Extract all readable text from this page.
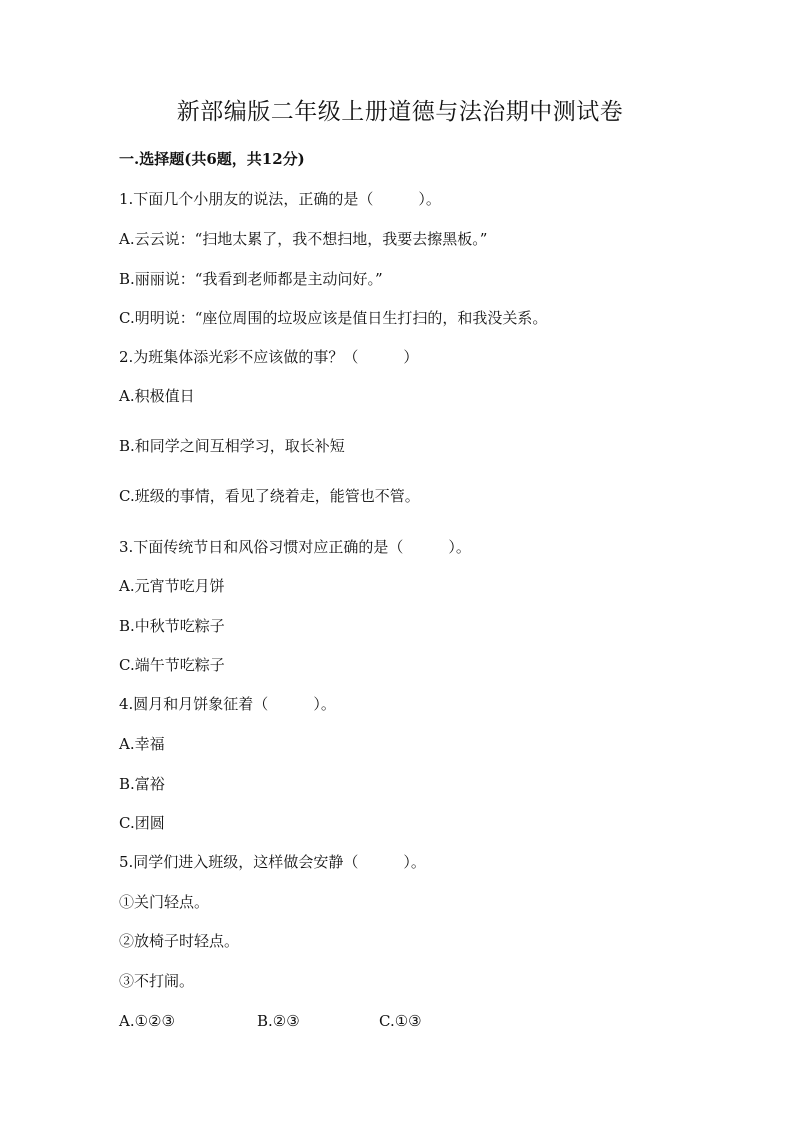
新部编版二年级上册道德与法治期中测试卷
一.选择题(共6题，共12分)
1.下面几个小朋友的说法，正确的是（　　　）。
A.云云说：“扫地太累了，我不想扫地，我要去擦黑板。”
B.丽丽说：“我看到老师都是主动问好。”
C.明明说：“座位周围的垃圾应该是值日生打扫的，和我没关系。
2.为班集体添光彩不应该做的事？（　　　）
A.积极值日
B.和同学之间互相学习，取长补短
C.班级的事情，看见了绕着走，能管也不管。
3.下面传统节日和风俗习惯对应正确的是（　　　）。
A.元宵节吃月饼
B.中秋节吃粽子
C.端午节吃粽子
4.圆月和月饼象征着（　　　）。
A.幸福
B.富裕
C.团圆
5.同学们进入班级，这样做会安静（　　　）。
①关门轻点。
②放椅子时轻点。
③不打闹。
A.①②③	B.②③	C.①③
